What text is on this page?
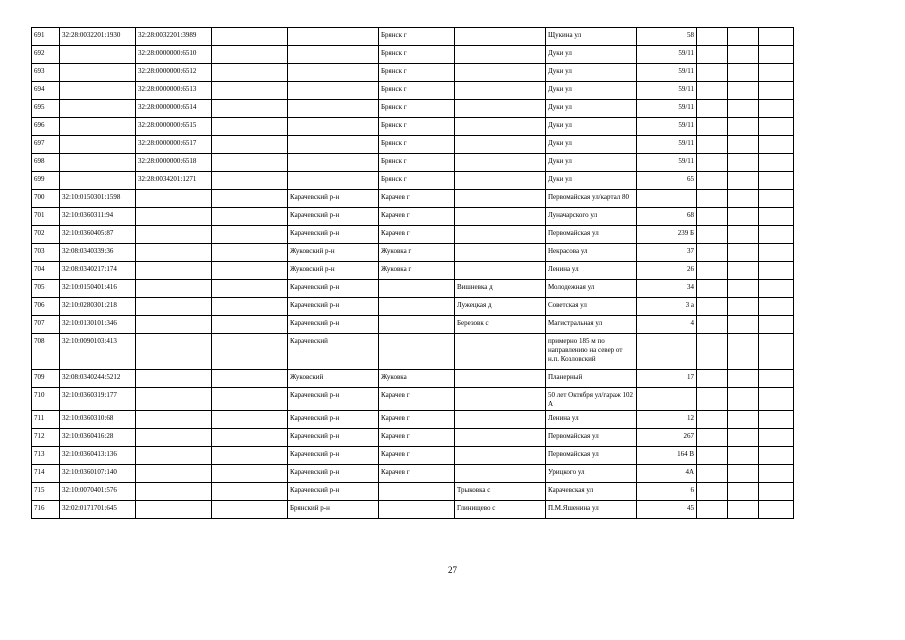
691	32:28:0032201:1930	32:28:0032201:3989			Брянск г		Щукина ул	58			
692		32:28:0000000:6510			Брянск г		Дуки ул	59/11			
693		32:28:0000000:6512			Брянск г		Дуки ул	59/11			
694		32:28:0000000:6513			Брянск г		Дуки ул	59/11			
695		32:28:0000000:6514			Брянск г		Дуки ул	59/11			
696		32:28:0000000:6515			Брянск г		Дуки ул	59/11			
697		32:28:0000000:6517			Брянск г		Дуки ул	59/11			
698		32:28:0000000:6518			Брянск г		Дуки ул	59/11			
699		32:28:0034201:1271			Брянск г		Дуки ул	65			
700	32:10:0150301:1598			Карачевский р-н	Карачев г		Первомайская ул/картал 80				
701	32:10:0360311:94			Карачевский р-н	Карачев г		Луначарского ул	68			
702	32:10:0360405:87			Карачевский р-н	Карачев г		Первомайская ул	239 Б			
703	32:08:0340339:36			Жуковский р-н	Жуковка г		Некрасова ул	37			
704	32:08:0340217:174			Жуковский р-н	Жуковка г		Ленина ул	26			
705	32:10:0150401:416			Карачевский р-н		Вишневка д	Молодежная ул	34			
706	32:10:0280301:218			Карачевский р-н		Лужецкая д	Советская ул	3 а			
707	32:10:0130101:346			Карачевский р-н		Березовк с	Магистральная ул	4			
708	32:10:0090103:413			Карачевский			примерно 185 м по направлению на север от н.п. Козловский				
709	32:08:0340244:5212			Жуковский	Жуковка		Планерный	17			
710	32:10:0360319:177			Карачевский р-н	Карачев г		50 лет Октября ул/гараж 102 А				
711	32:10:0360310:68			Карачевский р-н	Карачев г		Ленина ул	12			
712	32:10:0360416:28			Карачевский р-н	Карачев г		Первомайская ул	267			
713	32:10:0360413:136			Карачевский р-н	Карачев г		Первомайская ул	164 В			
714	32:10:0360107:140			Карачевский р-н	Карачев г		Урицкого ул	4А			
715	32:10:0070401:576			Карачевский р-н		Трыковка с	Карачевская ул	6			
716	32:02:0171701:645			Брянский р-н		Глинищево с	П.М.Яшенина ул	45			
27
